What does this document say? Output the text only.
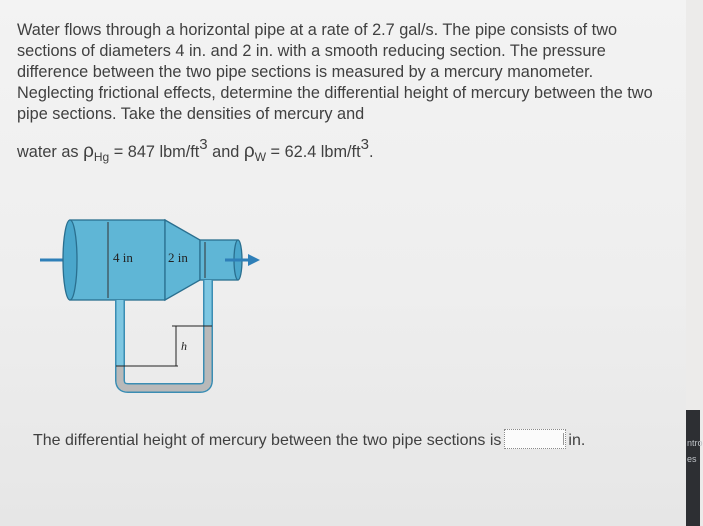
Water flows through a horizontal pipe at a rate of 2.7 gal/s. The pipe consists of two sections of diameters 4 in. and 2 in. with a smooth reducing section. The pressure difference between the two pipe sections is measured by a mercury manometer. Neglecting frictional effects, determine the differential height of mercury between the two pipe sections. Take the densities of mercury and

water as $\rho_{Hg} = 847$ lbm/$ft^3$ and $\rho_W = 62.4$ lbm/$ft^3$.
4 in	2 in
h
The differential height of mercury between the two pipe sections is	in.	ntro
es
